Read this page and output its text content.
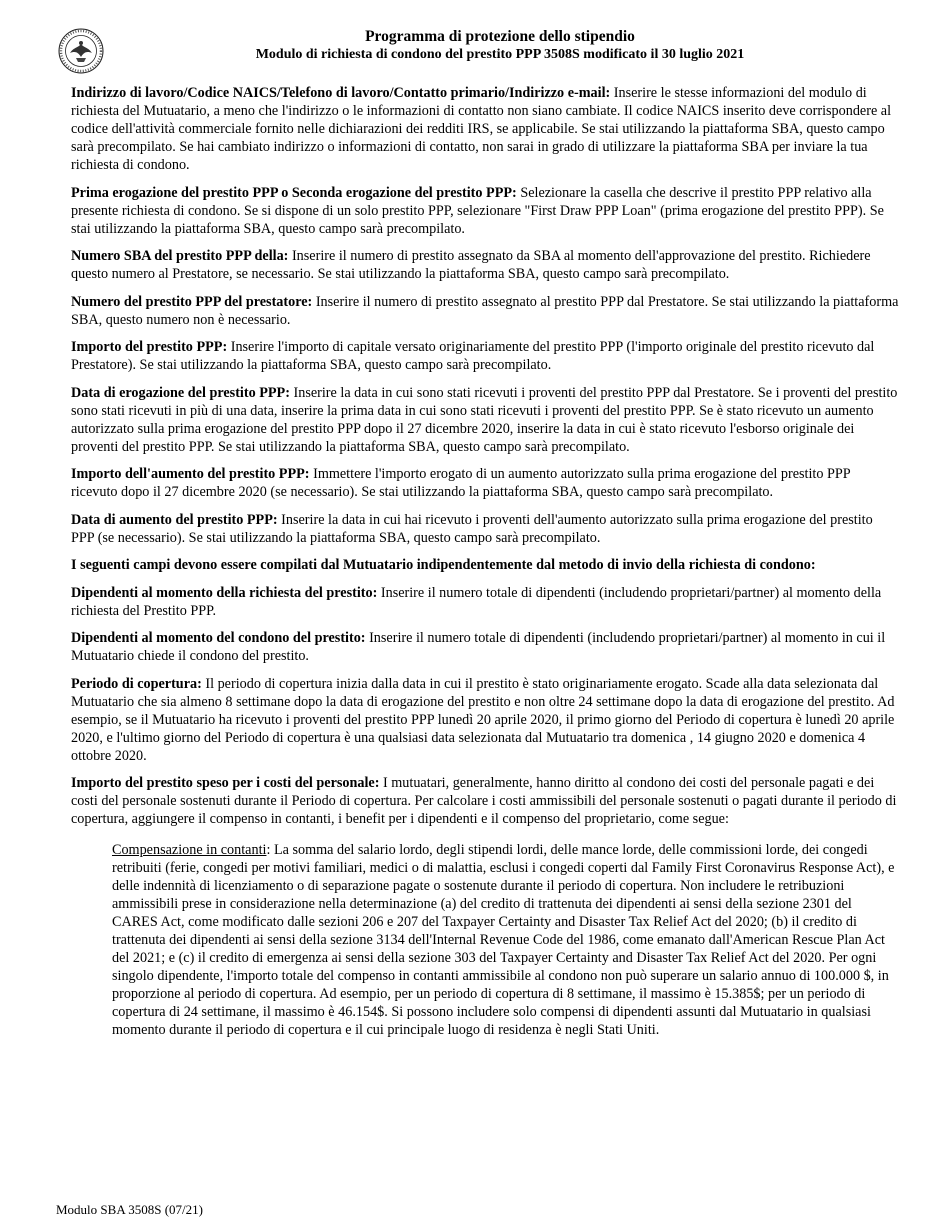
Programma di protezione dello stipendio
Modulo di richiesta di condono del prestito PPP 3508S modificato il 30 luglio 2021

Indirizzo di lavoro/Codice NAICS/Telefono di lavoro/Contatto primario/Indirizzo e-mail: Inserire le stesse informazioni del modulo di richiesta del Mutuatario, a meno che l'indirizzo o le informazioni di contatto non siano cambiate. Il codice NAICS inserito deve corrispondere al codice dell'attività commerciale fornito nelle dichiarazioni dei redditi IRS, se applicabile. Se stai utilizzando la piattaforma SBA, questo campo sarà precompilato. Se hai cambiato indirizzo o informazioni di contatto, non sarai in grado di utilizzare la piattaforma SBA per inviare la tua richiesta di condono.

Prima erogazione del prestito PPP o Seconda erogazione del prestito PPP: Selezionare la casella che descrive il prestito PPP relativo alla presente richiesta di condono. Se si dispone di un solo prestito PPP, selezionare "First Draw PPP Loan" (prima erogazione del prestito PPP). Se stai utilizzando la piattaforma SBA, questo campo sarà precompilato.

Numero SBA del prestito PPP della: Inserire il numero di prestito assegnato da SBA al momento dell'approvazione del prestito. Richiedere questo numero al Prestatore, se necessario. Se stai utilizzando la piattaforma SBA, questo campo sarà precompilato.

Numero del prestito PPP del prestatore: Inserire il numero di prestito assegnato al prestito PPP dal Prestatore. Se stai utilizzando la piattaforma SBA, questo numero non è necessario.

Importo del prestito PPP: Inserire l'importo di capitale versato originariamente del prestito PPP (l'importo originale del prestito ricevuto dal Prestatore). Se stai utilizzando la piattaforma SBA, questo campo sarà precompilato.

Data di erogazione del prestito PPP: Inserire la data in cui sono stati ricevuti i proventi del prestito PPP dal Prestatore. Se i proventi del prestito sono stati ricevuti in più di una data, inserire la prima data in cui sono stati ricevuti i proventi del prestito PPP. Se è stato ricevuto un aumento autorizzato sulla prima erogazione del prestito PPP dopo il 27 dicembre 2020, inserire la data in cui è stato ricevuto l'esborso originale dei proventi del prestito PPP. Se stai utilizzando la piattaforma SBA, questo campo sarà precompilato.

Importo dell'aumento del prestito PPP: Immettere l'importo erogato di un aumento autorizzato sulla prima erogazione del prestito PPP ricevuto dopo il 27 dicembre 2020 (se necessario). Se stai utilizzando la piattaforma SBA, questo campo sarà precompilato.

Data di aumento del prestito PPP: Inserire la data in cui hai ricevuto i proventi dell'aumento autorizzato sulla prima erogazione del prestito PPP (se necessario). Se stai utilizzando la piattaforma SBA, questo campo sarà precompilato.

I seguenti campi devono essere compilati dal Mutuatario indipendentemente dal metodo di invio della richiesta di condono:

Dipendenti al momento della richiesta del prestito: Inserire il numero totale di dipendenti (includendo proprietari/partner) al momento della richiesta del Prestito PPP.

Dipendenti al momento del condono del prestito: Inserire il numero totale di dipendenti (includendo proprietari/partner) al momento in cui il Mutuatario chiede il condono del prestito.

Periodo di copertura: Il periodo di copertura inizia dalla data in cui il prestito è stato originariamente erogato. Scade alla data selezionata dal Mutuatario che sia almeno 8 settimane dopo la data di erogazione del prestito e non oltre 24 settimane dopo la data di erogazione del prestito. Ad esempio, se il Mutuatario ha ricevuto i proventi del prestito PPP lunedì 20 aprile 2020, il primo giorno del Periodo di copertura è lunedì 20 aprile 2020, e l'ultimo giorno del Periodo di copertura è una qualsiasi data selezionata dal Mutuatario tra domenica , 14 giugno 2020 e domenica 4 ottobre 2020.

Importo del prestito speso per i costi del personale: I mutuatari, generalmente, hanno diritto al condono dei costi del personale pagati e dei costi del personale sostenuti durante il Periodo di copertura. Per calcolare i costi ammissibili del personale sostenuti o pagati durante il periodo di copertura, aggiungere il compenso in contanti, i benefit per i dipendenti e il compenso del proprietario, come segue:

Compensazione in contanti: La somma del salario lordo, degli stipendi lordi, delle mance lorde, delle commissioni lorde, dei congedi retribuiti (ferie, congedi per motivi familiari, medici o di malattia, esclusi i congedi coperti dal Family First Coronavirus Response Act), e delle indennità di licenziamento o di separazione pagate o sostenute durante il periodo di copertura. Non includere le retribuzioni ammissibili prese in considerazione nella determinazione (a) del credito di trattenuta dei dipendenti ai sensi della sezione 2301 del CARES Act, come modificato dalle sezioni 206 e 207 del Taxpayer Certainty and Disaster Tax Relief Act del 2020; (b) il credito di trattenuta dei dipendenti ai sensi della sezione 3134 dell'Internal Revenue Code del 1986, come emanato dall'American Rescue Plan Act del 2021; e (c) il credito di emergenza ai sensi della sezione 303 del Taxpayer Certainty and Disaster Tax Relief Act del 2020. Per ogni singolo dipendente, l'importo totale del compenso in contanti ammissibile al condono non può superare un salario annuo di 100.000 $, in proporzione al periodo di copertura. Ad esempio, per un periodo di copertura di 8 settimane, il massimo è 15.385$; per un periodo di copertura di 24 settimane, il massimo è 46.154$. Si possono includere solo compensi di dipendenti assunti dal Mutuatario in qualsiasi momento durante il periodo di copertura e il cui principale luogo di residenza è negli Stati Uniti.

Modulo SBA 3508S (07/21)
